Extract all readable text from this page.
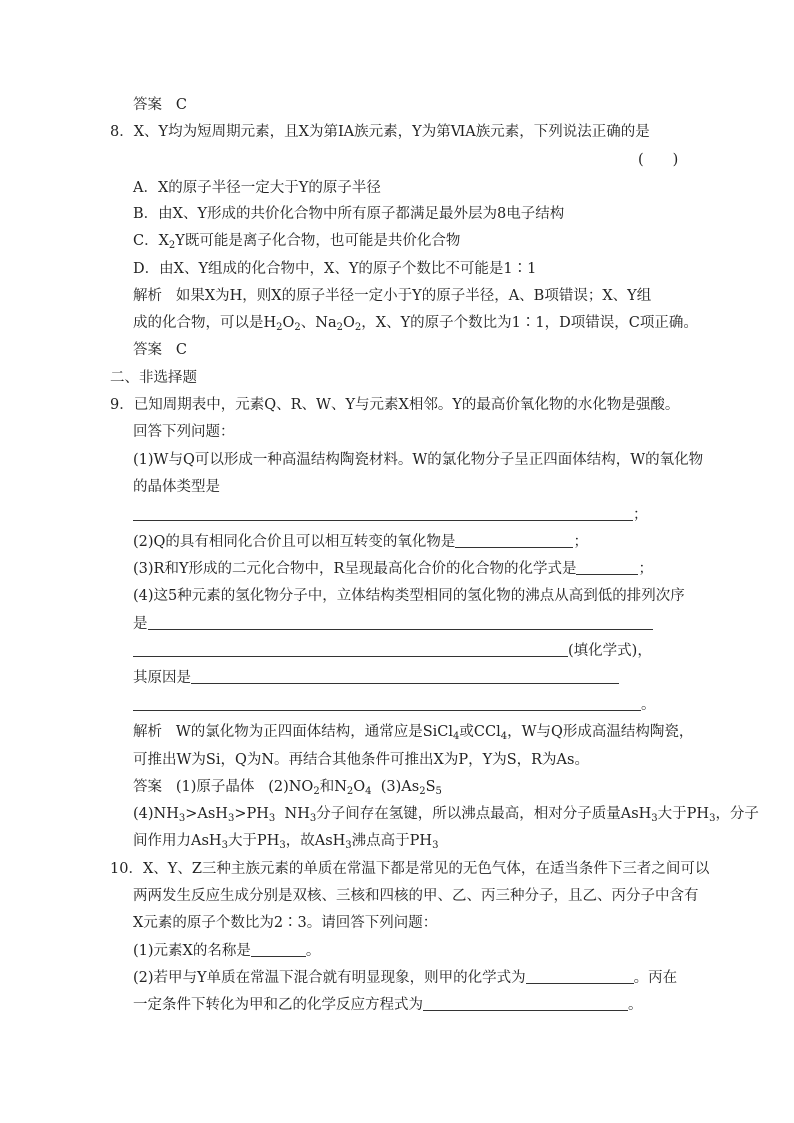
答案 C
8．X、Y均为短周期元素，且X为第ⅠA族元素，Y为第ⅥA族元素，下列说法正确的是
(　　)
A．X的原子半径一定大于Y的原子半径
B．由X、Y形成的共价化合物中所有原子都满足最外层为8电子结构
C．$X_2Y$既可能是离子化合物，也可能是共价化合物
D．由X、Y组成的化合物中，X、Y的原子个数比不可能是1∶1
解析 如果X为H，则X的原子半径一定小于Y的原子半径，A、B项错误；X、Y组
成的化合物，可以是$H_2O_2$、$Na_2O_2$，X、Y的原子个数比为1∶1，D项错误，C项正确。
答案 C
二、非选择题
9．已知周期表中，元素Q、R、W、Y与元素X相邻。Y的最高价氧化物的水化物是强酸。
回答下列问题：
(1)W与Q可以形成一种高温结构陶瓷材料。W的氯化物分子呈正四面体结构，W的氧化物
的晶体类型是
；
(2)Q的具有相同化合价且可以相互转变的氧化物是	；
(3)R和Y形成的二元化合物中，R呈现最高化合价的化合物的化学式是	；
(4)这5种元素的氢化物分子中，立体结构类型相同的氢化物的沸点从高到低的排列次序
是
(填化学式)，
其原因是
。
解析 W的氯化物为正四面体结构，通常应是SiCl$_4$或CCl$_4$，W与Q形成高温结构陶瓷，
可推出W为Si，Q为N。再结合其他条件可推出X为P，Y为S，R为As。
答案 (1)原子晶体 $(2)NO_2$和$N_2O_4$ $(3)As_2S_5$
$(4)NH_3>AsH_3>PH_3$ $NH_3$分子间存在氢键，所以沸点最高，相对分子质量AsH$_3$大于$PH_3$，分子
间作用力AsH$_3$大于$PH_3$，故AsH$_3$沸点高于$PH_3$
10．X、Y、Z三种主族元素的单质在常温下都是常见的无色气体，在适当条件下三者之间可以
两两发生反应生成分别是双核、三核和四核的甲、乙、丙三种分子，且乙、丙分子中含有
X元素的原子个数比为2∶3。请回答下列问题：
(1)元素X的名称是	。
(2)若甲与Y单质在常温下混合就有明显现象，则甲的化学式为	。丙在
一定条件下转化为甲和乙的化学反应方程式为	。
